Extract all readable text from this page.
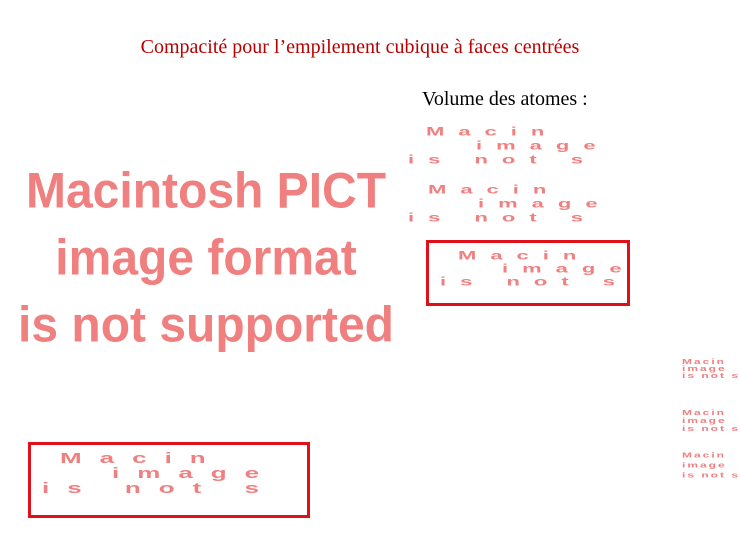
Compacité pour l’empilement cubique à faces centrées
Volume des atomes :
Macintosh PICT
image format
is not supported
Macin
image
is not s
Macin
image
is not s
Macin
image
is not s
Macin
image
is not s
Macin
image
is not s
Macin
image
is not s
Macin
image
is not s
